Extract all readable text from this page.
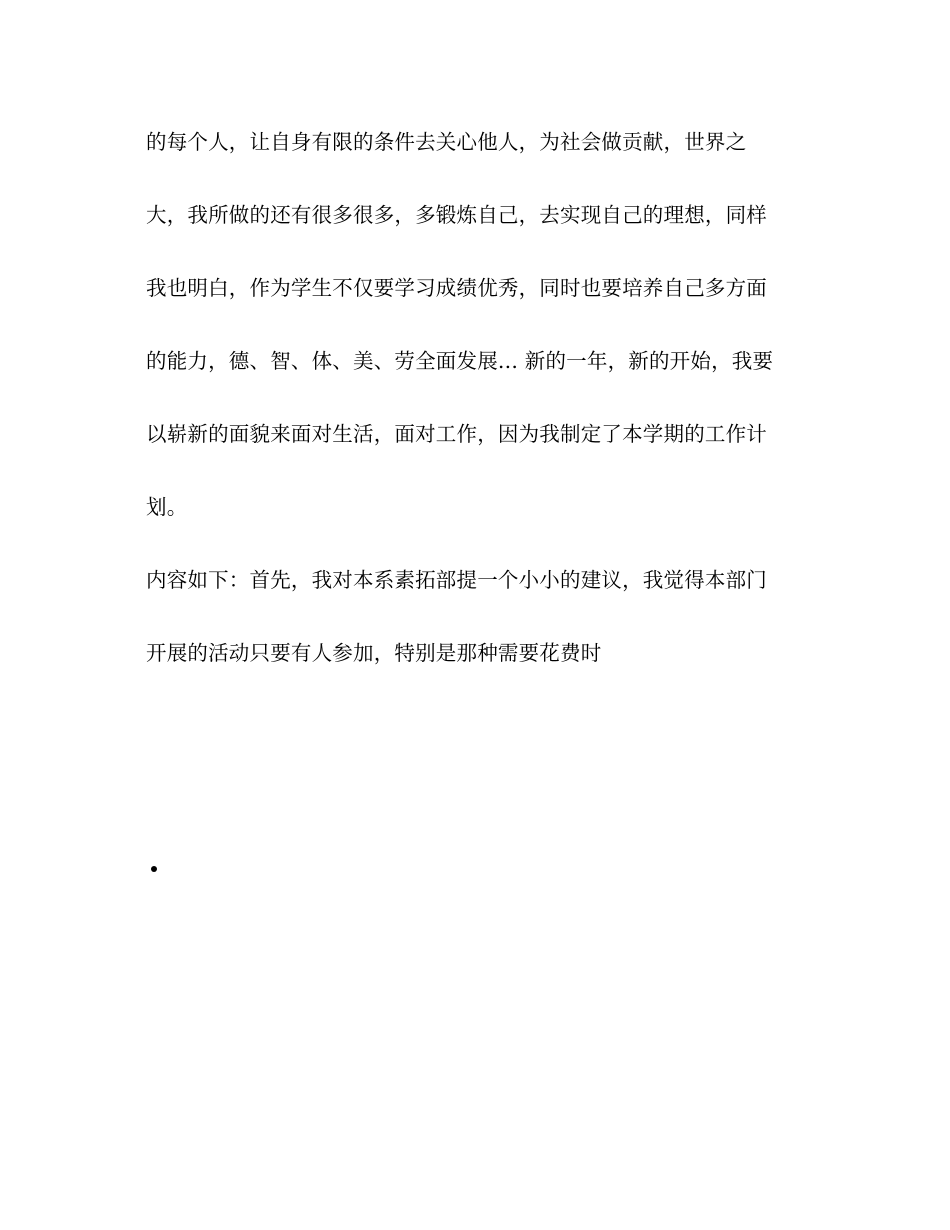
的每个人，让自身有限的条件去关心他人，为社会做贡献，世界之
大，我所做的还有很多很多，多锻炼自己，去实现自己的理想，同样
我也明白，作为学生不仅要学习成绩优秀，同时也要培养自己多方面
的能力，德、智、体、美、劳全面发展... 新的一年，新的开始，我要
以崭新的面貌来面对生活，面对工作，因为我制定了本学期的工作计
划。
内容如下：首先，我对本系素拓部提一个小小的建议，我觉得本部门
开展的活动只要有人参加，特别是那种需要花费时
